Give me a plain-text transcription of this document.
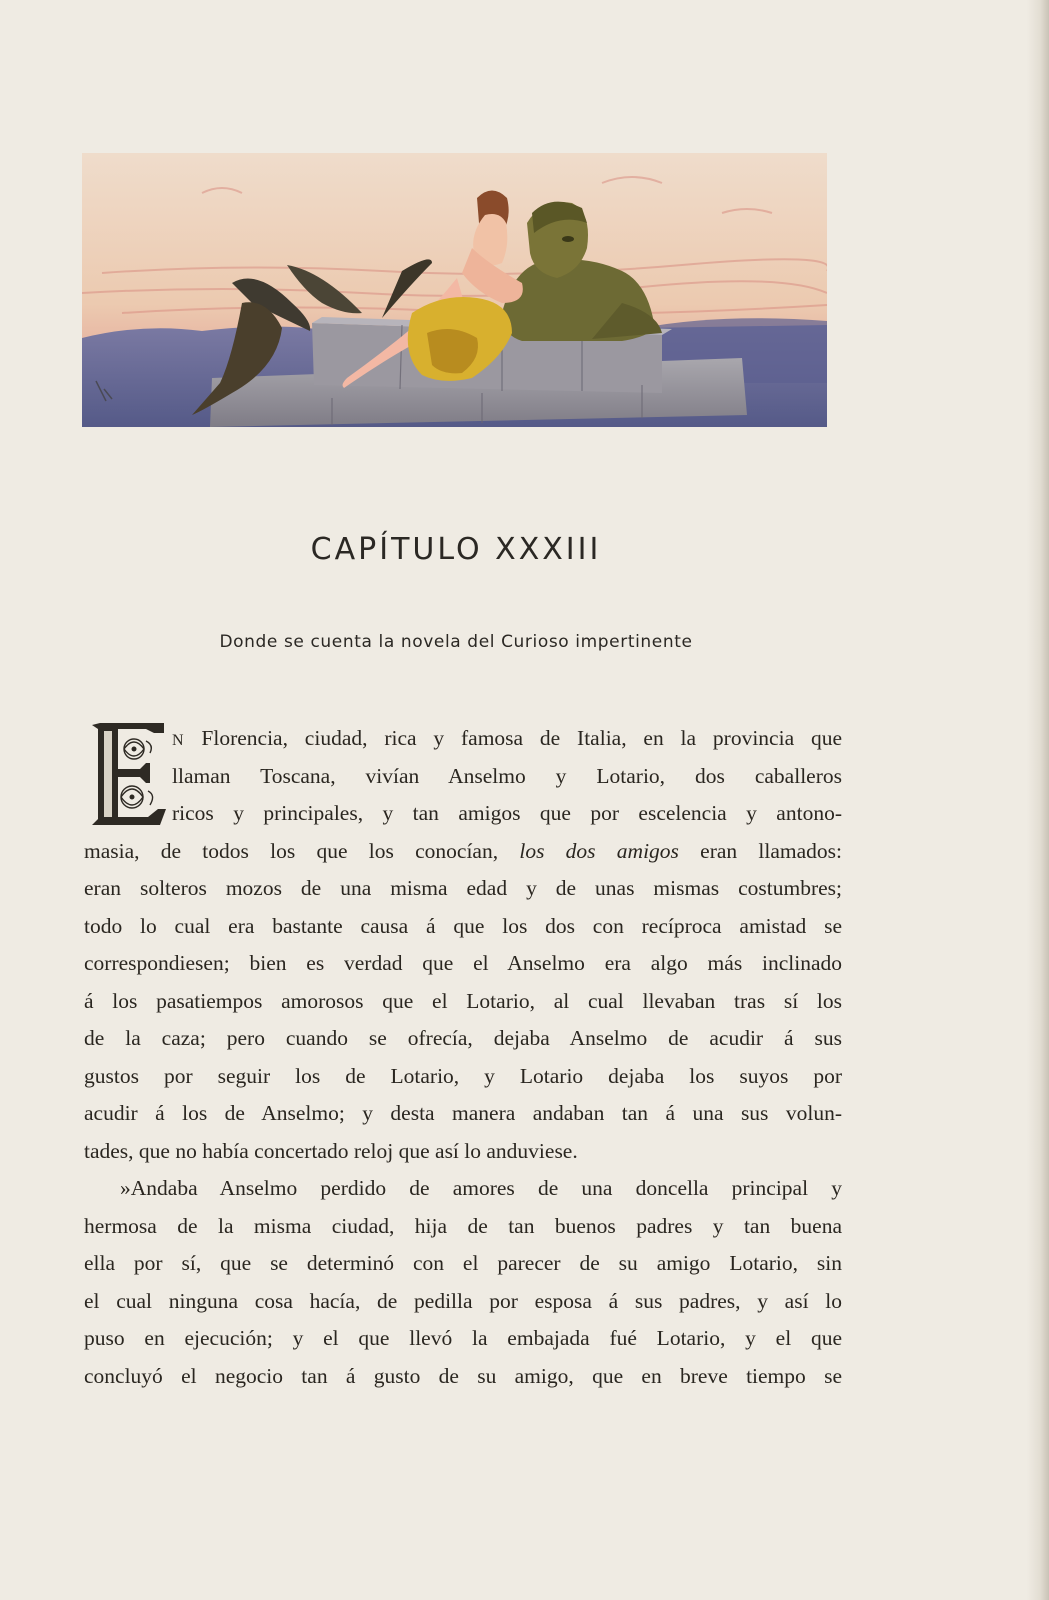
CAPÍTULO XXXIII
Donde se cuenta la novela del Curioso impertinente
N Florencia, ciudad, rica y famosa de Italia, en la provincia que
llaman Toscana, vivían Anselmo y Lotario, dos caballeros
ricos y principales, y tan amigos que por escelencia y antono-
masia, de todos los que los conocían, los dos amigos eran llamados:
eran solteros mozos de una misma edad y de unas mismas costumbres;
todo lo cual era bastante causa á que los dos con recíproca amistad se
correspondiesen; bien es verdad que el Anselmo era algo más inclinado
á los pasatiempos amorosos que el Lotario, al cual llevaban tras sí los
de la caza; pero cuando se ofrecía, dejaba Anselmo de acudir á sus
gustos por seguir los de Lotario, y Lotario dejaba los suyos por
acudir á los de Anselmo; y desta manera andaban tan á una sus volun-
tades, que no había concertado reloj que así lo anduviese.
»Andaba Anselmo perdido de amores de una doncella principal y
hermosa de la misma ciudad, hija de tan buenos padres y tan buena
ella por sí, que se determinó con el parecer de su amigo Lotario, sin
el cual ninguna cosa hacía, de pedilla por esposa á sus padres, y así lo
puso en ejecución; y el que llevó la embajada fué Lotario, y el que
concluyó el negocio tan á gusto de su amigo, que en breve tiempo se
